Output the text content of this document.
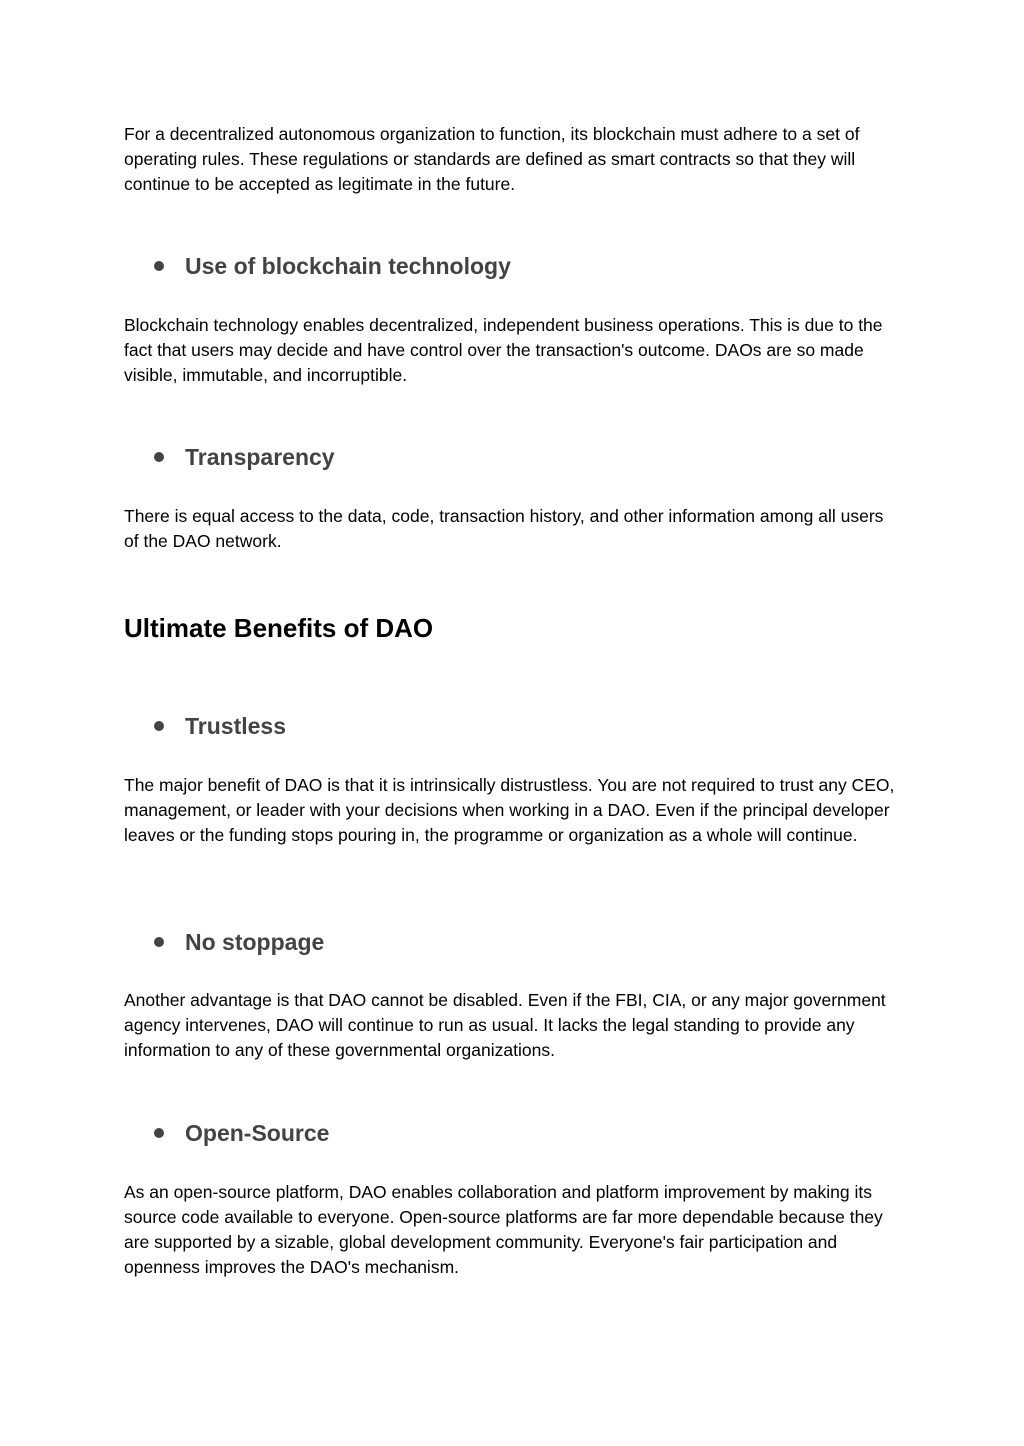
For a decentralized autonomous organization to function, its blockchain must adhere to a set of operating rules. These regulations or standards are defined as smart contracts so that they will continue to be accepted as legitimate in the future.

Use of blockchain technology

Blockchain technology enables decentralized, independent business operations. This is due to the fact that users may decide and have control over the transaction's outcome. DAOs are so made visible, immutable, and incorruptible.

Transparency

There is equal access to the data, code, transaction history, and other information among all users of the DAO network.

Ultimate Benefits of DAO
Trustless

The major benefit of DAO is that it is intrinsically distrustless. You are not required to trust any CEO, management, or leader with your decisions when working in a DAO. Even if the principal developer leaves or the funding stops pouring in, the programme or organization as a whole will continue.

No stoppage

Another advantage is that DAO cannot be disabled. Even if the FBI, CIA, or any major government agency intervenes, DAO will continue to run as usual. It lacks the legal standing to provide any information to any of these governmental organizations.

Open-Source

As an open-source platform, DAO enables collaboration and platform improvement by making its source code available to everyone. Open-source platforms are far more dependable because they are supported by a sizable, global development community. Everyone's fair participation and openness improves the DAO's mechanism.
